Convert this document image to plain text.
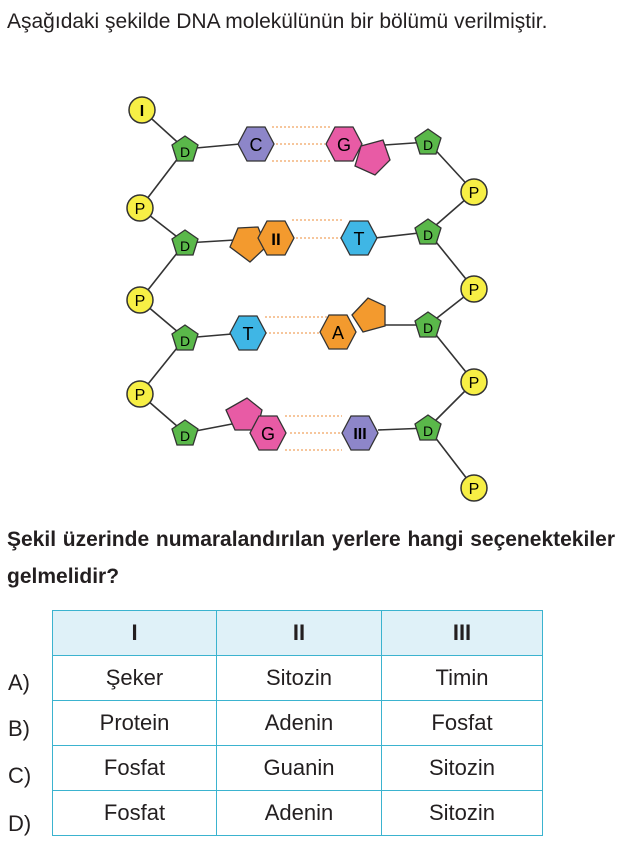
Aşağıdaki şekilde DNA molekülünün bir bölümü verilmiştir.

I
P
P
P
P
P
P
P
D
D
D
D
D
D
D
D
C	G
II	T
T	A
G	III

Şekil üzerinde numaralandırılan yerlere hangi seçenektekiler gelmelidir?

I	II	III
Şeker	Sitozin	Timin
Protein	Adenin	Fosfat
Fosfat	Guanin	Sitozin
Fosfat	Adenin	Sitozin
A)
B)
C)
D)
